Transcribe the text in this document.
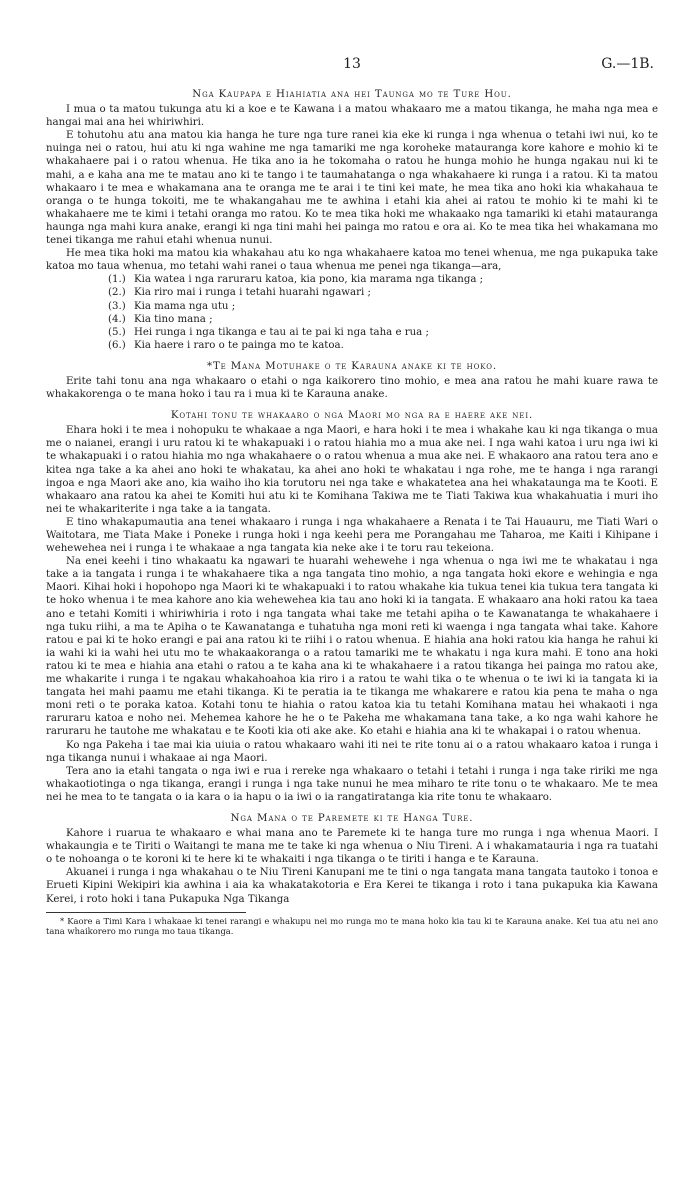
13	G.—1B.
Nga Kaupapa e Hiahiatia ana hei Taunga mo te Ture Hou.

I mua o ta matou tukunga atu ki a koe e te Kawana i a matou whakaaro me a matou tikanga, he maha nga mea e hangai mai ana hei whiriwhiri.

E tohutohu atu ana matou kia hanga he ture nga ture ranei kia eke ki runga i nga whenua o tetahi iwi nui, ko te nuinga nei o ratou, hui atu ki nga wahine me nga tamariki me nga koroheke matauranga kore kahore e mohio ki te whakahaere pai i o ratou whenua. He tika ano ia he tokomaha o ratou he hunga mohio he hunga ngakau nui ki te mahi, a e kaha ana me te matau ano ki te tango i te taumahatanga o nga whakahaere ki runga i a ratou. Ki ta matou whakaaro i te mea e whakamana ana te oranga me te arai i te tini kei mate, he mea tika ano hoki kia whakahaua te oranga o te hunga tokoiti, me te whakangahau me te awhina i etahi kia ahei ai ratou te mohio ki te mahi ki te whakahaere me te kimi i tetahi oranga mo ratou. Ko te mea tika hoki me whakaako nga tamariki ki etahi matauranga haunga nga mahi kura anake, erangi ki nga tini mahi hei painga mo ratou e ora ai. Ko te mea tika hei whakamana mo tenei tikanga me rahui etahi whenua nunui.

He mea tika hoki ma matou kia whakahau atu ko nga whakahaere katoa mo tenei whenua, me nga pukapuka take katoa mo taua whenua, mo tetahi wahi ranei o taua whenua me penei nga tikanga—ara,

(1.) Kia watea i nga raruraru katoa, kia pono, kia marama nga tikanga ;
(2.) Kia riro mai i runga i tetahi huarahi ngawari ;
(3.) Kia mama nga utu ;
(4.) Kia tino mana ;
(5.) Hei runga i nga tikanga e tau ai te pai ki nga taha e rua ;
(6.) Kia haere i raro o te painga mo te katoa.
*Te Mana Motuhake o te Karauna anake ki te hoko.

Erite tahi tonu ana nga whakaaro o etahi o nga kaikorero tino mohio, e mea ana ratou he mahi kuare rawa te whakakorenga o te mana hoko i tau ra i mua ki te Karauna anake.

Kotahi tonu te whakaaro o nga Maori mo nga ra e haere ake nei.

Ehara hoki i te mea i nohopuku te whakaae a nga Maori, e hara hoki i te mea i whakahe kau ki nga tikanga o mua me o naianei, erangi i uru ratou ki te whakapuaki i o ratou hiahia mo a mua ake nei. I nga wahi katoa i uru nga iwi ki te whakapuaki i o ratou hiahia mo nga whakahaere o o ratou whenua a mua ake nei. E whakaoro ana ratou tera ano e kitea nga take a ka ahei ano hoki te whakatau, ka ahei ano hoki te whakatau i nga rohe, me te hanga i nga rarangi ingoa e nga Maori ake ano, kia waiho iho kia torutoru nei nga take e whakatetea ana hei whakataunga ma te Kooti. E whakaaro ana ratou ka ahei te Komiti hui atu ki te Komihana Takiwa me te Tiati Takiwa kua whakahuatia i muri iho nei te whakariterite i nga take a ia tangata.

E tino whakapumautia ana tenei whakaaro i runga i nga whakahaere a Renata i te Tai Hauauru, me Tiati Wari o Waitotara, me Tiata Make i Poneke i runga hoki i nga keehi pera me Porangahau me Taharoa, me Kaiti i Kihipane i wehewehea nei i runga i te whakaae a nga tangata kia neke ake i te toru rau tekeiona.

Na enei keehi i tino whakaatu ka ngawari te huarahi wehewehe i nga whenua o nga iwi me te whakatau i nga take a ia tangata i runga i te whakahaere tika a nga tangata tino mohio, a nga tangata hoki ekore e wehingia e nga Maori. Kihai hoki i hopohopo nga Maori ki te whakapuaki i to ratou whakahe kia tukua tenei kia tukua tera tangata ki te hoko whenua i te mea kahore ano kia wehewehea kia tau ano hoki ki ia tangata. E whakaaro ana hoki ratou ka taea ano e tetahi Komiti i whiriwhiria i roto i nga tangata whai take me tetahi apiha o te Kawanatanga te whakahaere i nga tuku riihi, a ma te Apiha o te Kawanatanga e tuhatuha nga moni reti ki waenga i nga tangata whai take. Kahore ratou e pai ki te hoko erangi e pai ana ratou ki te riihi i o ratou whenua. E hiahia ana hoki ratou kia hanga he rahui ki ia wahi ki ia wahi hei utu mo te whakaakoranga o a ratou tamariki me te whakatu i nga kura mahi. E tono ana hoki ratou ki te mea e hiahia ana etahi o ratou a te kaha ana ki te whakahaere i a ratou tikanga hei painga mo ratou ake, me whakarite i runga i te ngakau whakahoahoa kia riro i a ratou te wahi tika o te whenua o te iwi ki ia tangata ki ia tangata hei mahi paamu me etahi tikanga. Ki te peratia ia te tikanga me whakarere e ratou kia pena te maha o nga moni reti o te poraka katoa. Kotahi tonu te hiahia o ratou katoa kia tu tetahi Komihana matau hei whakaoti i nga raruraru katoa e noho nei. Mehemea kahore he he o te Pakeha me whakamana tana take, a ko nga wahi kahore he raruraru he tautohe me whakatau e te Kooti kia oti ake ake. Ko etahi e hiahia ana ki te whakapai i o ratou whenua.

Ko nga Pakeha i tae mai kia uiuia o ratou whakaaro wahi iti nei te rite tonu ai o a ratou whakaaro katoa i runga i nga tikanga nunui i whakaae ai nga Maori.

Tera ano ia etahi tangata o nga iwi e rua i rereke nga whakaaro o tetahi i tetahi i runga i nga take ririki me nga whakaotiotinga o nga tikanga, erangi i runga i nga take nunui he mea miharo te rite tonu o te whakaaro. Me te mea nei he mea to te tangata o ia kara o ia hapu o ia iwi o ia rangatiratanga kia rite tonu te whakaaro.

Nga Mana o te Paremete ki te Hanga Ture.

Kahore i ruarua te whakaaro e whai mana ano te Paremete ki te hanga ture mo runga i nga whenua Maori. I whakaungia e te Tiriti o Waitangi te mana me te take ki nga whenua o Niu Tireni. A i whakamatauria i nga ra tuatahi o te nohoanga o te koroni ki te here ki te whakaiti i nga tikanga o te tiriti i hanga e te Karauna.

Akuanei i runga i nga whakahau o te Niu Tireni Kanupani me te tini o nga tangata mana tangata tautoko i tonoa e Erueti Kipini Wekipiri kia awhina i aia ka whakatakotoria e Era Kerei te tikanga i roto i tana pukapuka kia Kawana Kerei, i roto hoki i tana Pukapuka Nga Tikanga

* Kaore a Timi Kara i whakaae ki tenei rarangi e whakupu nei mo runga mo te mana hoko kia tau ki te Karauna anake. Kei tua atu nei ano tana whaikorero mo runga mo taua tikanga.
